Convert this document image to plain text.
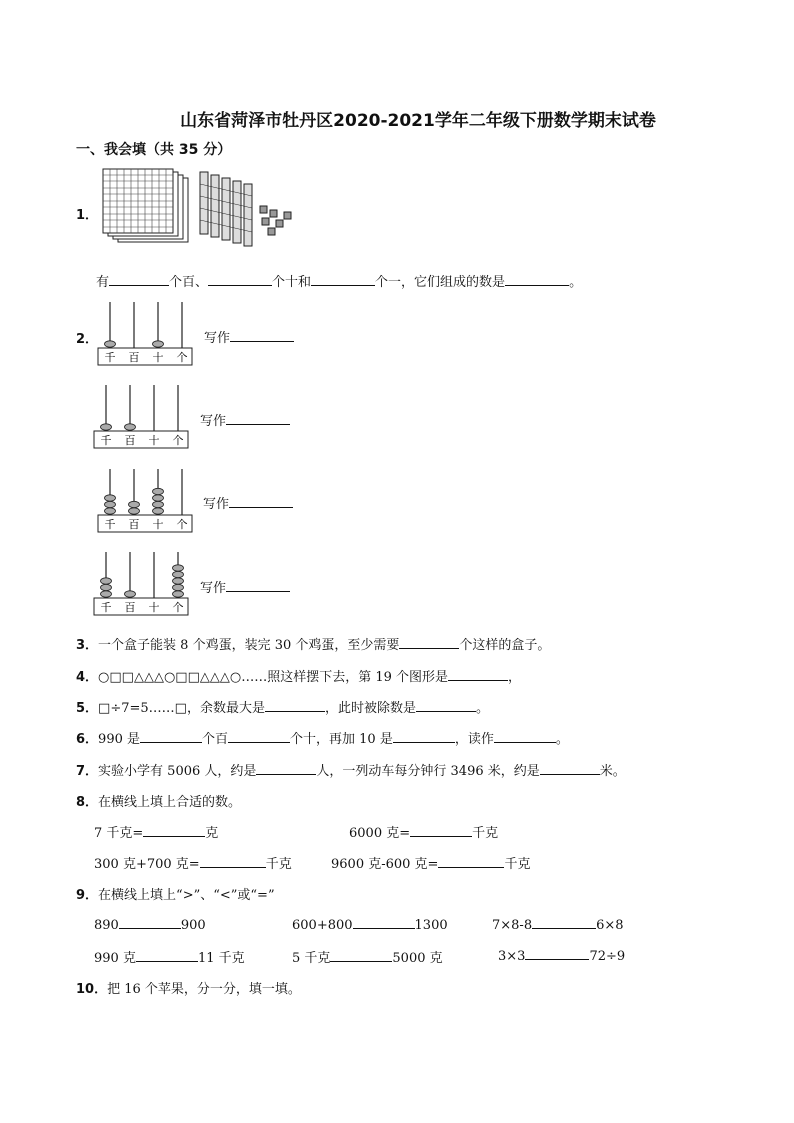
山东省菏泽市牡丹区2020-2021学年二年级下册数学期末试卷
一、我会填（共 35 分）
1．
有	个百、	个十和	个一，它们组成的数是	。
2．
千 百 十 个
千 百 十 个
千 百 十 个
千 百 十 个
写作
写作
写作
写作
3．一个盒子能装 8 个鸡蛋，装完 30 个鸡蛋，至少需要	个这样的盒子。
4．○□□△△△○□□△△△○……照这样摆下去，第 19 个图形是	，
5．□÷7=5……□，余数最大是	，此时被除数是	。
6．990 是	个百	个十，再加 10 是	，读作	。
7．实验小学有 5006 人，约是	人，一列动车每分钟行 3496 米，约是	米。
8．在横线上填上合适的数。
7 千克=	克	6000 克=	千克
300 克+700 克=	千克	9600 克-600 克=	千克
9．在横线上填上“>”、“<”或“=”
890	900	600+800	1300	7×8-8	6×8
990 克	11 千克	5 千克	5000 克	3×3	72÷9
10．把 16 个苹果，分一分，填一填。
